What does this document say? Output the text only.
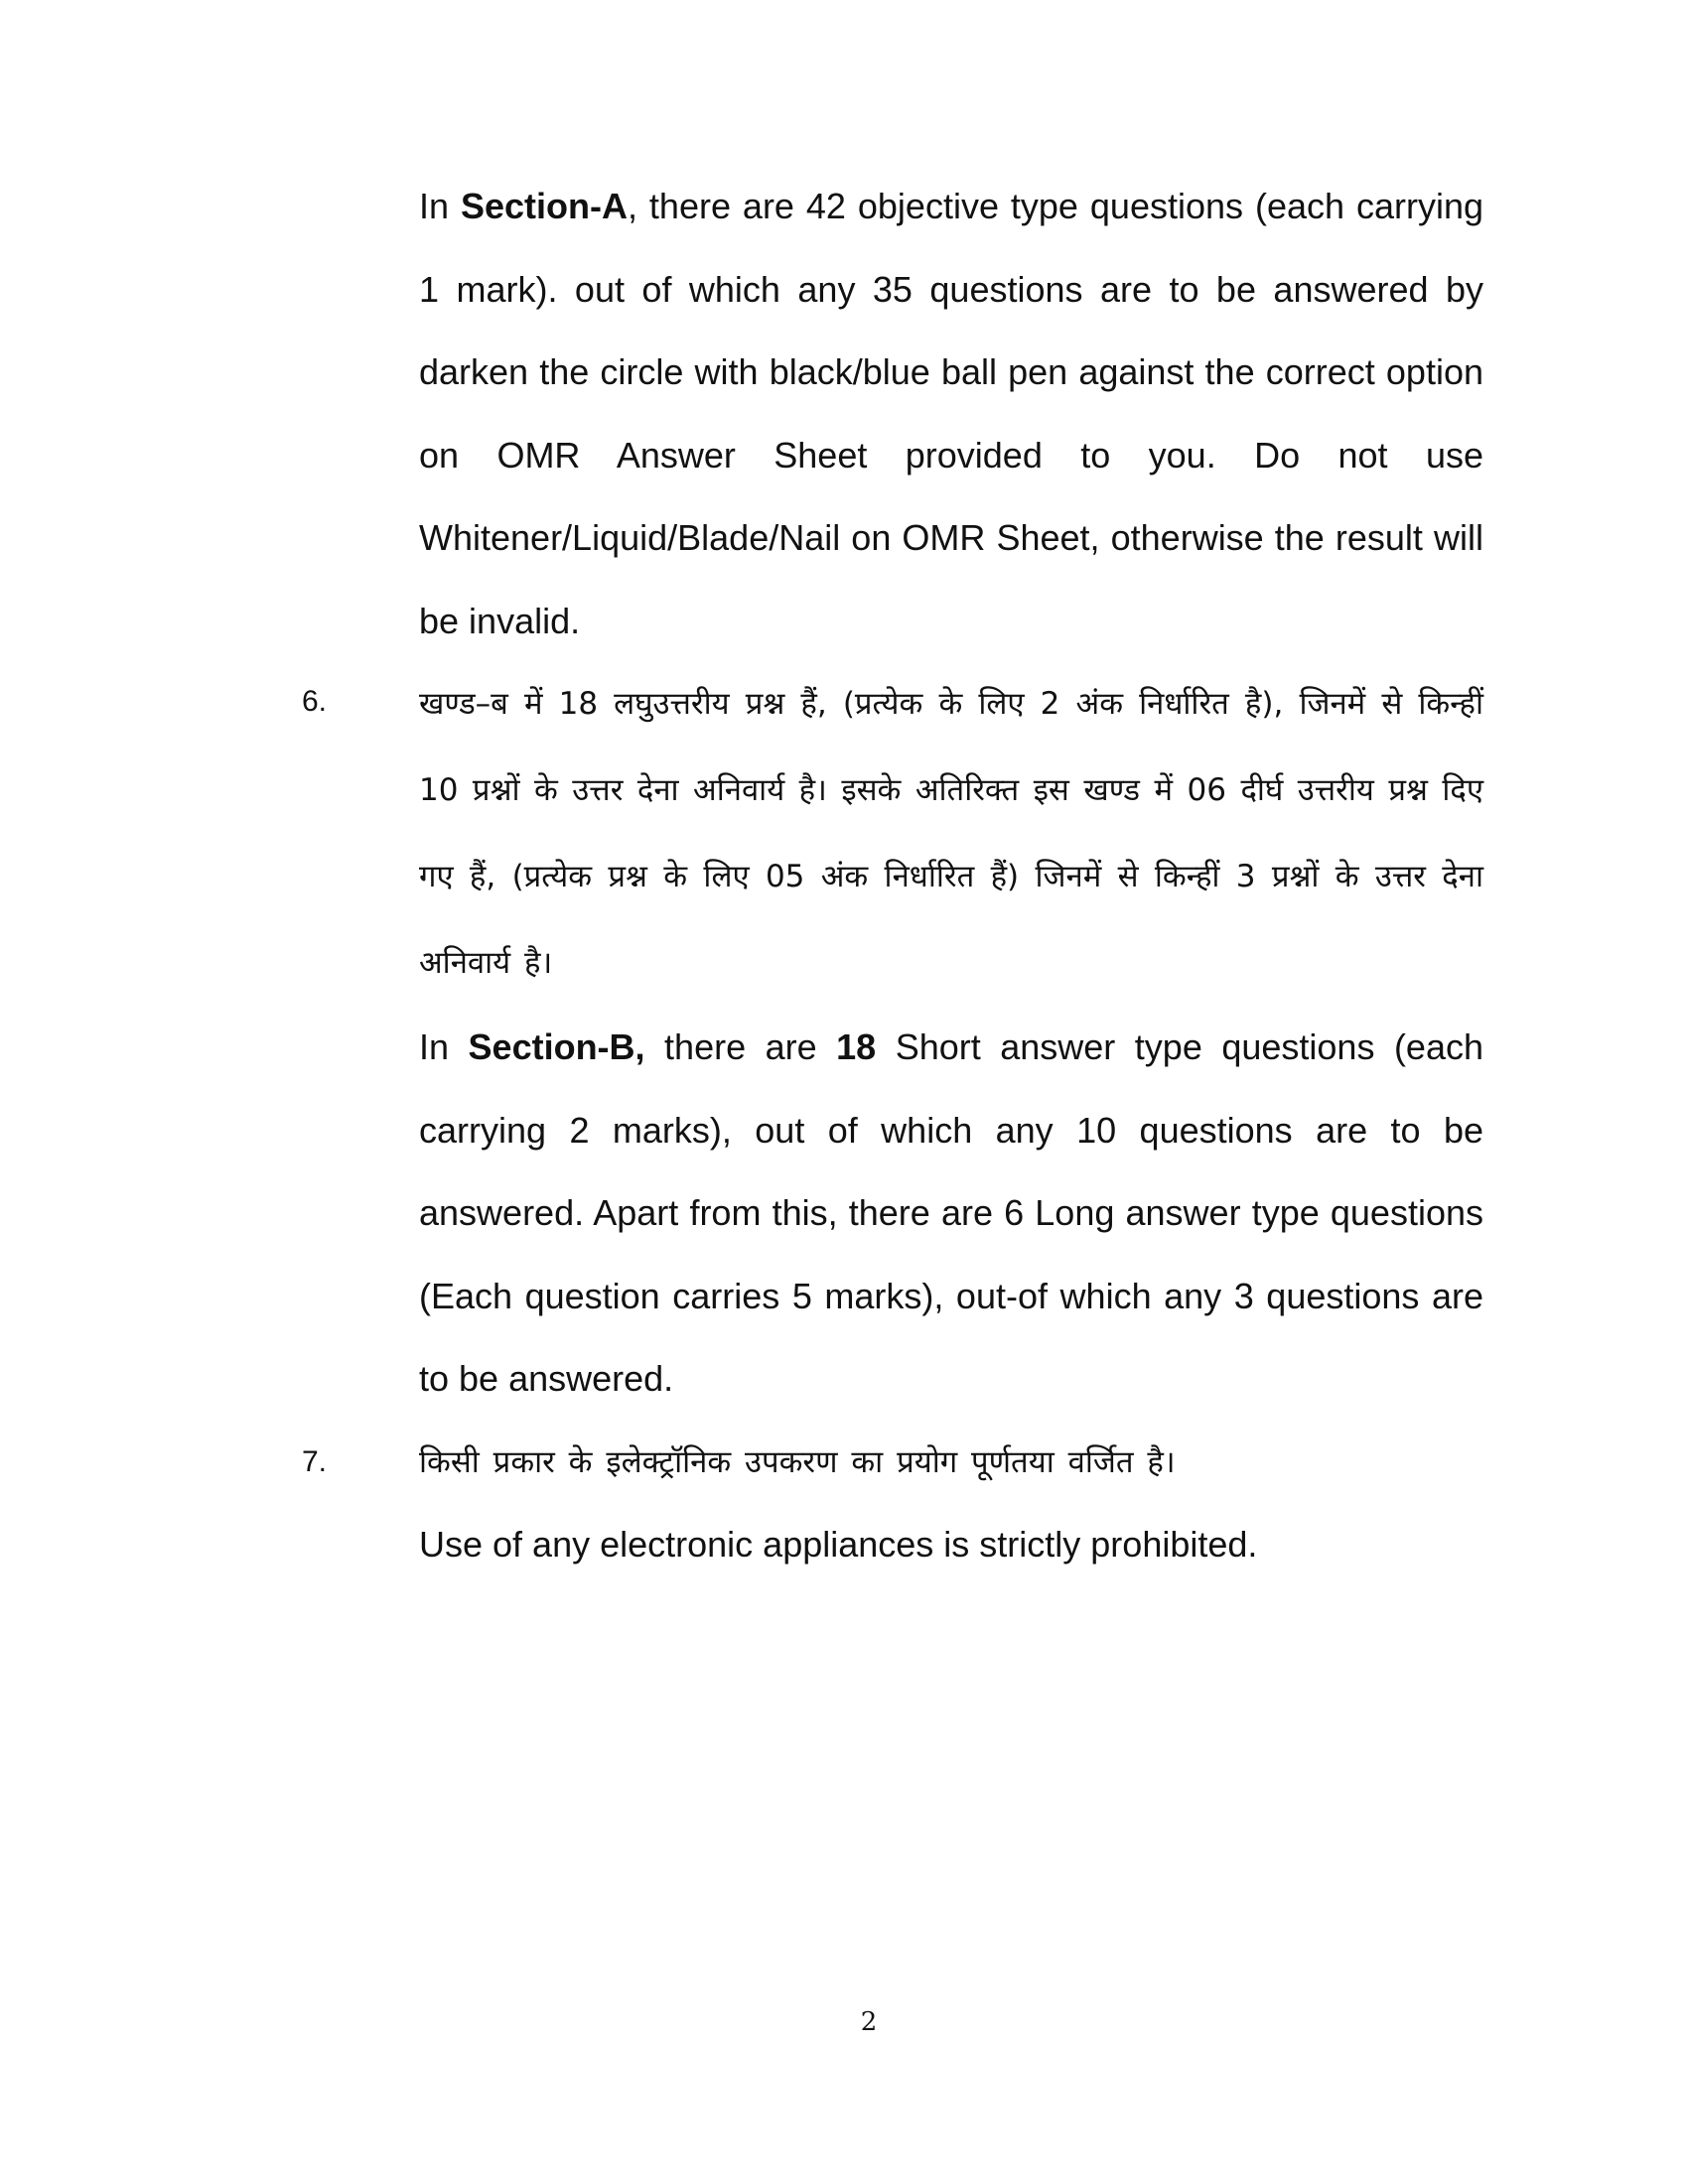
In Section-A, there are 42 objective type questions (each carrying 1 mark). out of which any 35 questions are to be answered by darken the circle with black/blue ball pen against the correct option on OMR Answer Sheet provided to you. Do not use Whitener/Liquid/Blade/Nail on OMR Sheet, otherwise the result will be invalid.

6.	खण्ड–ब में 18 लघुउत्तरीय प्रश्न हैं, (प्रत्येक के लिए 2 अंक निर्धारित है), जिनमें से किन्हीं 10 प्रश्नों के उत्तर देना अनिवार्य है। इसके अतिरिक्त इस खण्ड में 06 दीर्घ उत्तरीय प्रश्न दिए गए हैं, (प्रत्येक प्रश्न के लिए 05 अंक निर्धारित हैं) जिनमें से किन्हीं 3 प्रश्नों के उत्तर देना अनिवार्य है।

In Section-B, there are 18 Short answer type questions (each carrying 2 marks), out of which any 10 questions are to be answered. Apart from this, there are 6 Long answer type questions (Each question carries 5 marks), out-of which any 3 questions are to be answered.

7.	किसी प्रकार के इलेक्ट्रॉनिक उपकरण का प्रयोग पूर्णतया वर्जित है।

Use of any electronic appliances is strictly prohibited.

2
